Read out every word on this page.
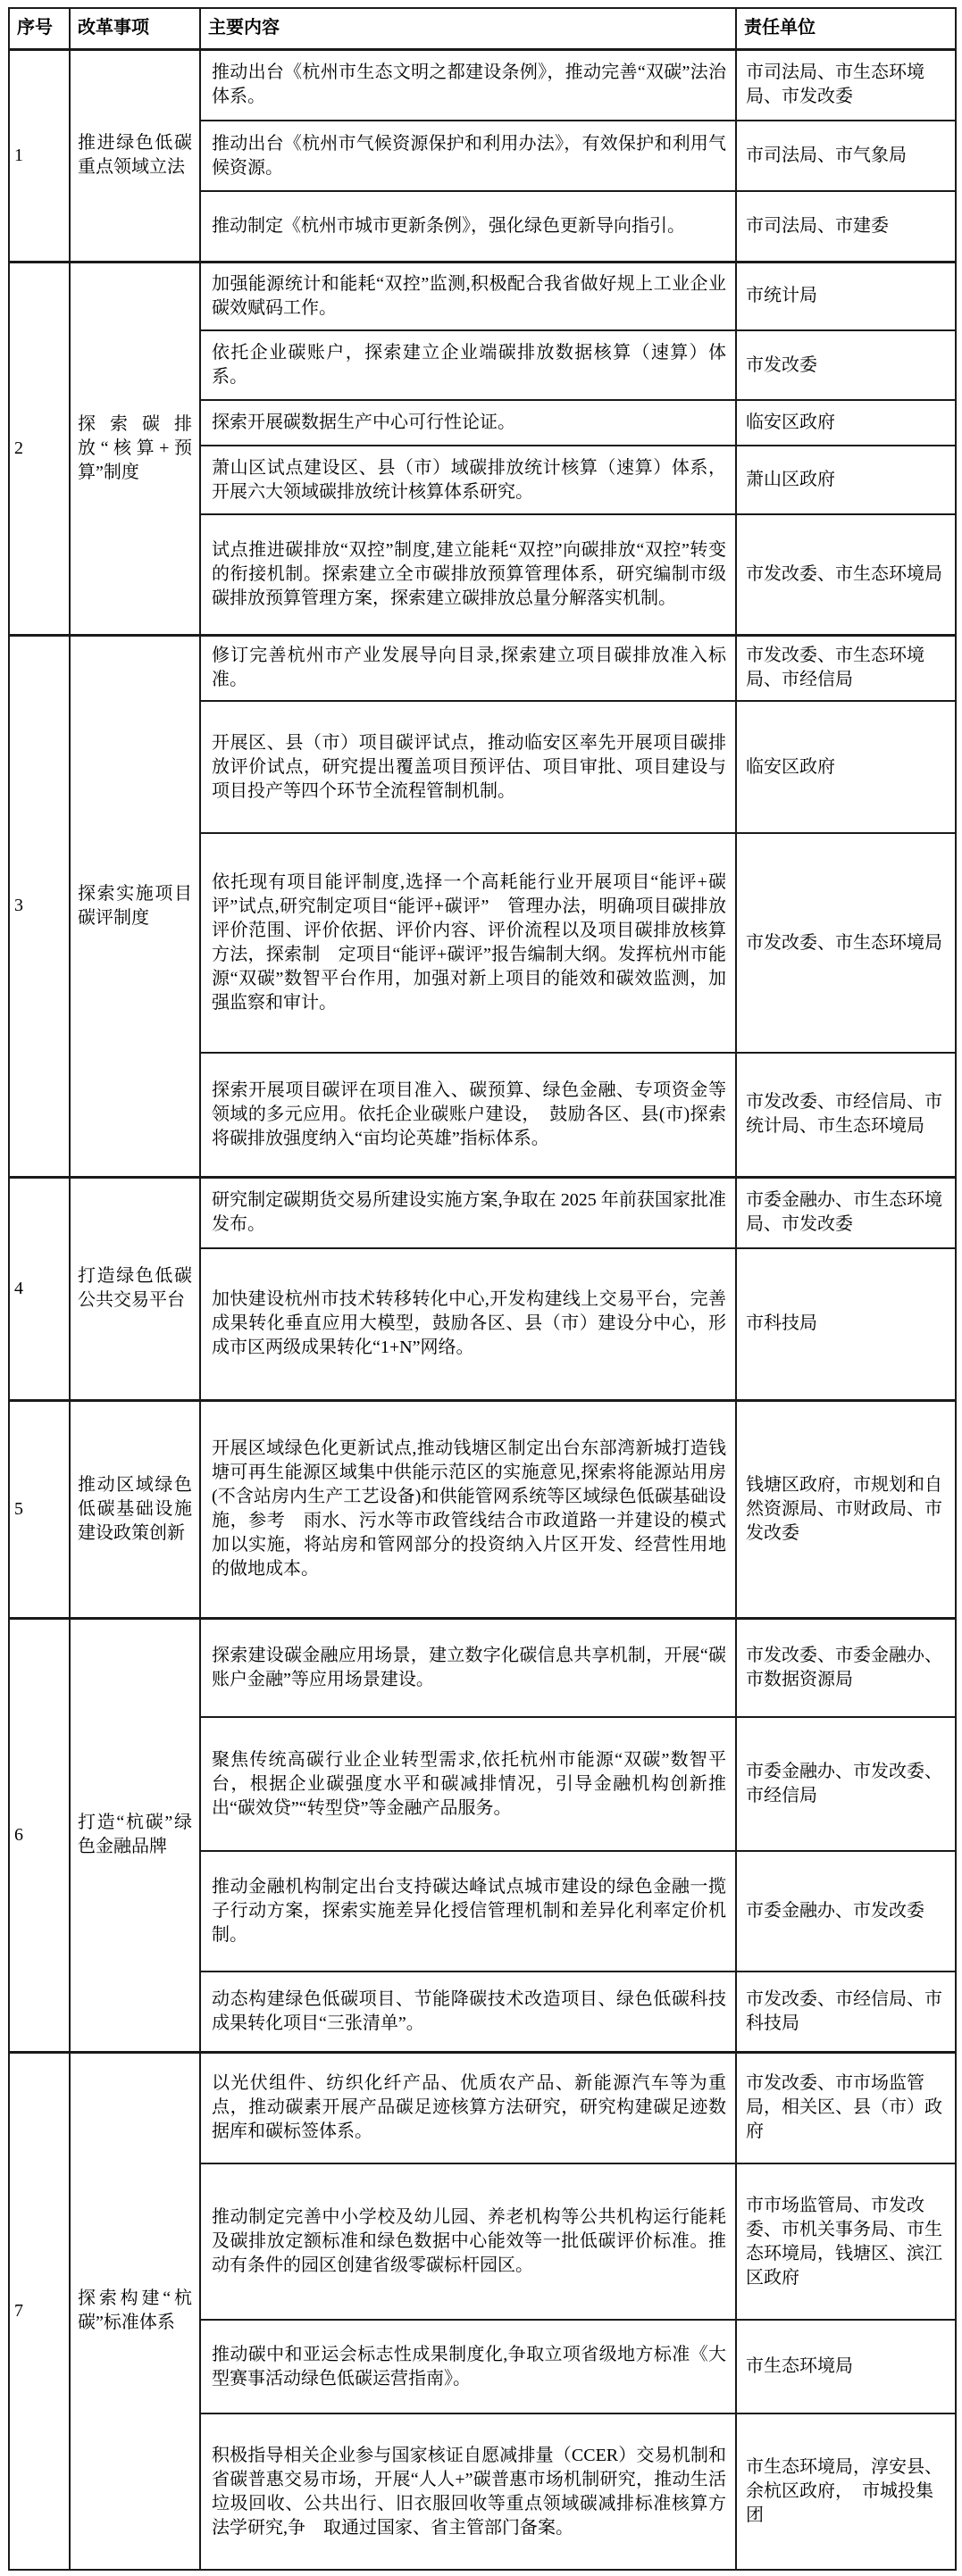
序号	改革事项	主要内容	责任单位
1	推进绿色低碳重点领域立法	推动出台《杭州市生态文明之都建设条例》，推动完善“双碳”法治体系。	市司法局、市生态环境局、市发改委
		推动出台《杭州市气候资源保护和利用办法》，有效保护和利用气候资源。	市司法局、市气象局
		推动制定《杭州市城市更新条例》，强化绿色更新导向指引。	市司法局、市建委
2	探索碳排放“核算+预算”制度	加强能源统计和能耗“双控”监测,积极配合我省做好规上工业企业碳效赋码工作。	市统计局
		依托企业碳账户，探索建立企业端碳排放数据核算（速算）体系。	市发改委
		探索开展碳数据生产中心可行性论证。	临安区政府
		萧山区试点建设区、县（市）域碳排放统计核算（速算）体系，开展六大领域碳排放统计核算体系研究。	萧山区政府
		试点推进碳排放“双控”制度,建立能耗“双控”向碳排放“双控”转变的衔接机制。探索建立全市碳排放预算管理体系，研究编制市级碳排放预算管理方案，探索建立碳排放总量分解落实机制。	市发改委、市生态环境局
3	探索实施项目碳评制度	修订完善杭州市产业发展导向目录,探索建立项目碳排放准入标准。	市发改委、市生态环境局、市经信局
		开展区、县（市）项目碳评试点，推动临安区率先开展项目碳排放评价试点，研究提出覆盖项目预评估、项目审批、项目建设与项目投产等四个环节全流程管制机制。	临安区政府
		依托现有项目能评制度,选择一个高耗能行业开展项目“能评+碳评”试点,研究制定项目“能评+碳评”　管理办法，明确项目碳排放评价范围、评价依据、评价内容、评价流程以及项目碳排放核算方法，探索制　定项目“能评+碳评”报告编制大纲。发挥杭州市能源“双碳”数智平台作用，加强对新上项目的能效和碳效监测，加强监察和审计。	市发改委、市生态环境局
		探索开展项目碳评在项目准入、碳预算、绿色金融、专项资金等领域的多元应用。依托企业碳账户建设，　鼓励各区、县(市)探索将碳排放强度纳入“亩均论英雄”指标体系。	市发改委、市经信局、市统计局、市生态环境局
4	打造绿色低碳公共交易平台	研究制定碳期货交易所建设实施方案,争取在 2025 年前获国家批准发布。	市委金融办、市生态环境局、市发改委
		加快建设杭州市技术转移转化中心,开发构建线上交易平台，完善成果转化垂直应用大模型，鼓励各区、县（市）建设分中心，形成市区两级成果转化“1+N”网络。	市科技局
5	推动区域绿色低碳基础设施建设政策创新	开展区域绿色化更新试点,推动钱塘区制定出台东部湾新城打造钱塘可再生能源区域集中供能示范区的实施意见,探索将能源站用房(不含站房内生产工艺设备)和供能管网系统等区域绿色低碳基础设施，参考　雨水、污水等市政管线结合市政道路一并建设的模式加以实施，将站房和管网部分的投资纳入片区开发、经营性用地的做地成本。	钱塘区政府，市规划和自然资源局、市财政局、市发改委
6	打造“杭碳”绿色金融品牌	探索建设碳金融应用场景，建立数字化碳信息共享机制，开展“碳账户金融”等应用场景建设。	市发改委、市委金融办、市数据资源局
		聚焦传统高碳行业企业转型需求,依托杭州市能源“双碳”数智平台，根据企业碳强度水平和碳减排情况，引导金融机构创新推出“碳效贷”“转型贷”等金融产品服务。	市委金融办、市发改委、市经信局
		推动金融机构制定出台支持碳达峰试点城市建设的绿色金融一揽子行动方案，探索实施差异化授信管理机制和差异化利率定价机制。	市委金融办、市发改委
		动态构建绿色低碳项目、节能降碳技术改造项目、绿色低碳科技成果转化项目“三张清单”。	市发改委、市经信局、市科技局
7	探索构建“杭碳”标准体系	以光伏组件、纺织化纤产品、优质农产品、新能源汽车等为重点，推动碳素开展产品碳足迹核算方法研究，研究构建碳足迹数据库和碳标签体系。	市发改委、市市场监管局，相关区、县（市）政府
		推动制定完善中小学校及幼儿园、养老机构等公共机构运行能耗及碳排放定额标准和绿色数据中心能效等一批低碳评价标准。推动有条件的园区创建省级零碳标杆园区。	市市场监管局、市发改委、市机关事务局、市生态环境局，钱塘区、滨江区政府
		推动碳中和亚运会标志性成果制度化,争取立项省级地方标准《大型赛事活动绿色低碳运营指南》。	市生态环境局
		积极指导相关企业参与国家核证自愿减排量（CCER）交易机制和省碳普惠交易市场，开展“人人+”碳普惠市场机制研究，推动生活垃圾回收、公共出行、旧衣服回收等重点领域碳减排标准核算方法学研究,争　取通过国家、省主管部门备案。	市生态环境局，淳安县、余杭区政府，　市城投集团
